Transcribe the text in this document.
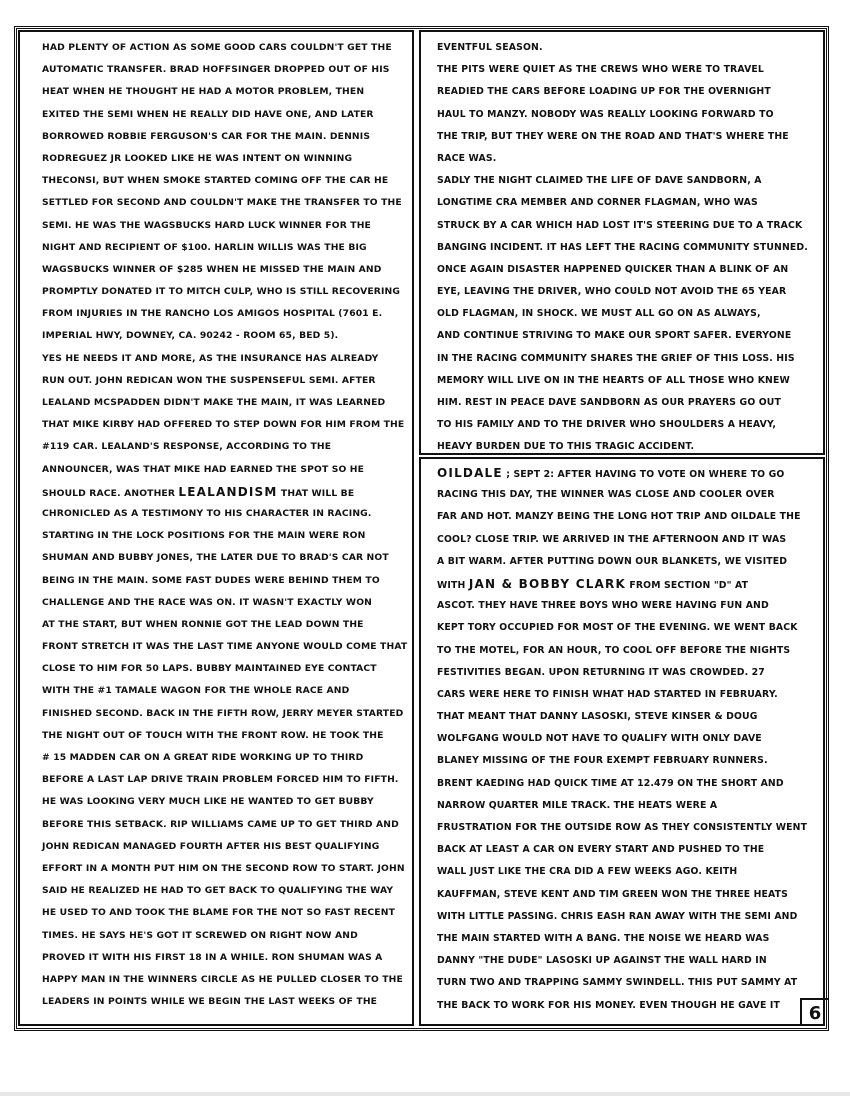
HAD PLENTY OF ACTION AS SOME GOOD CARS COULDN'T GET THE
AUTOMATIC TRANSFER. BRAD HOFFSINGER DROPPED OUT OF HIS
HEAT WHEN HE THOUGHT HE HAD A MOTOR PROBLEM, THEN
EXITED THE SEMI WHEN HE REALLY DID HAVE ONE, AND LATER
BORROWED ROBBIE FERGUSON'S CAR FOR THE MAIN. DENNIS
RODREGUEZ JR LOOKED LIKE HE WAS INTENT ON WINNING
THECONSI, BUT WHEN SMOKE STARTED COMING OFF THE CAR HE
SETTLED FOR SECOND AND COULDN'T MAKE THE TRANSFER TO THE
SEMI. HE WAS THE WAGSBUCKS HARD LUCK WINNER FOR THE
NIGHT AND RECIPIENT OF $100. HARLIN WILLIS WAS THE BIG
WAGSBUCKS WINNER OF $285 WHEN HE MISSED THE MAIN AND
PROMPTLY DONATED IT TO MITCH CULP, WHO IS STILL RECOVERING
FROM INJURIES IN THE RANCHO LOS AMIGOS HOSPITAL (7601 E.
IMPERIAL HWY, DOWNEY, CA. 90242 - ROOM 65, BED 5).
YES HE NEEDS IT AND MORE, AS THE INSURANCE HAS ALREADY
RUN OUT. JOHN REDICAN WON THE SUSPENSEFUL SEMI. AFTER
LEALAND MCSPADDEN DIDN'T MAKE THE MAIN, IT WAS LEARNED
THAT MIKE KIRBY HAD OFFERED TO STEP DOWN FOR HIM FROM THE
#119 CAR. LEALAND'S RESPONSE, ACCORDING TO THE
ANNOUNCER, WAS THAT MIKE HAD EARNED THE SPOT SO HE
SHOULD RACE. ANOTHER LEALANDISM THAT WILL BE
CHRONICLED AS A TESTIMONY TO HIS CHARACTER IN RACING.
STARTING IN THE LOCK POSITIONS FOR THE MAIN WERE RON
SHUMAN AND BUBBY JONES, THE LATER DUE TO BRAD'S CAR NOT
BEING IN THE MAIN. SOME FAST DUDES WERE BEHIND THEM TO
CHALLENGE AND THE RACE WAS ON. IT WASN'T EXACTLY WON
AT THE START, BUT WHEN RONNIE GOT THE LEAD DOWN THE
FRONT STRETCH IT WAS THE LAST TIME ANYONE WOULD COME THAT
CLOSE TO HIM FOR 50 LAPS. BUBBY MAINTAINED EYE CONTACT
WITH THE #1 TAMALE WAGON FOR THE WHOLE RACE AND
FINISHED SECOND. BACK IN THE FIFTH ROW, JERRY MEYER STARTED
THE NIGHT OUT OF TOUCH WITH THE FRONT ROW. HE TOOK THE
# 15 MADDEN CAR ON A GREAT RIDE WORKING UP TO THIRD
BEFORE A LAST LAP DRIVE TRAIN PROBLEM FORCED HIM TO FIFTH.
HE WAS LOOKING VERY MUCH LIKE HE WANTED TO GET BUBBY
BEFORE THIS SETBACK. RIP WILLIAMS CAME UP TO GET THIRD AND
JOHN REDICAN MANAGED FOURTH AFTER HIS BEST QUALIFYING
EFFORT IN A MONTH PUT HIM ON THE SECOND ROW TO START. JOHN
SAID HE REALIZED HE HAD TO GET BACK TO QUALIFYING THE WAY
HE USED TO AND TOOK THE BLAME FOR THE NOT SO FAST RECENT
TIMES. HE SAYS HE'S GOT IT SCREWED ON RIGHT NOW AND
PROVED IT WITH HIS FIRST 18 IN A WHILE. RON SHUMAN WAS A
HAPPY MAN IN THE WINNERS CIRCLE AS HE PULLED CLOSER TO THE
LEADERS IN POINTS WHILE WE BEGIN THE LAST WEEKS OF THE
EVENTFUL SEASON.
THE PITS WERE QUIET AS THE CREWS WHO WERE TO TRAVEL
READIED THE CARS BEFORE LOADING UP FOR THE OVERNIGHT
HAUL TO MANZY. NOBODY WAS REALLY LOOKING FORWARD TO
THE TRIP, BUT THEY WERE ON THE ROAD AND THAT'S WHERE THE
RACE WAS.
SADLY THE NIGHT CLAIMED THE LIFE OF DAVE SANDBORN, A
LONGTIME CRA MEMBER AND CORNER FLAGMAN, WHO WAS
STRUCK BY A CAR WHICH HAD LOST IT'S STEERING DUE TO A TRACK
BANGING INCIDENT. IT HAS LEFT THE RACING COMMUNITY STUNNED.
ONCE AGAIN DISASTER HAPPENED QUICKER THAN A BLINK OF AN
EYE, LEAVING THE DRIVER, WHO COULD NOT AVOID THE 65 YEAR
OLD FLAGMAN, IN SHOCK. WE MUST ALL GO ON AS ALWAYS,
AND CONTINUE STRIVING TO MAKE OUR SPORT SAFER. EVERYONE
IN THE RACING COMMUNITY SHARES THE GRIEF OF THIS LOSS. HIS
MEMORY WILL LIVE ON IN THE HEARTS OF ALL THOSE WHO KNEW
HIM. REST IN PEACE DAVE SANDBORN AS OUR PRAYERS GO OUT
TO HIS FAMILY AND TO THE DRIVER WHO SHOULDERS A HEAVY,
HEAVY BURDEN DUE TO THIS TRAGIC ACCIDENT.
OILDALE ; SEPT 2: AFTER HAVING TO VOTE ON WHERE TO GO
RACING THIS DAY, THE WINNER WAS CLOSE AND COOLER OVER
FAR AND HOT. MANZY BEING THE LONG HOT TRIP AND OILDALE THE
COOL? CLOSE TRIP. WE ARRIVED IN THE AFTERNOON AND IT WAS
A BIT WARM. AFTER PUTTING DOWN OUR BLANKETS, WE VISITED
WITH JAN & BOBBY CLARK FROM SECTION "D" AT
ASCOT. THEY HAVE THREE BOYS WHO WERE HAVING FUN AND
KEPT TORY OCCUPIED FOR MOST OF THE EVENING. WE WENT BACK
TO THE MOTEL, FOR AN HOUR, TO COOL OFF BEFORE THE NIGHTS
FESTIVITIES BEGAN. UPON RETURNING IT WAS CROWDED. 27
CARS WERE HERE TO FINISH WHAT HAD STARTED IN FEBRUARY.
THAT MEANT THAT DANNY LASOSKI, STEVE KINSER & DOUG
WOLFGANG WOULD NOT HAVE TO QUALIFY WITH ONLY DAVE
BLANEY MISSING OF THE FOUR EXEMPT FEBRUARY RUNNERS.
BRENT KAEDING HAD QUICK TIME AT 12.479 ON THE SHORT AND
NARROW QUARTER MILE TRACK. THE HEATS WERE A
FRUSTRATION FOR THE OUTSIDE ROW AS THEY CONSISTENTLY WENT
BACK AT LEAST A CAR ON EVERY START AND PUSHED TO THE
WALL JUST LIKE THE CRA DID A FEW WEEKS AGO. KEITH
KAUFFMAN, STEVE KENT AND TIM GREEN WON THE THREE HEATS
WITH LITTLE PASSING. CHRIS EASH RAN AWAY WITH THE SEMI AND
THE MAIN STARTED WITH A BANG. THE NOISE WE HEARD WAS
DANNY "THE DUDE" LASOSKI UP AGAINST THE WALL HARD IN
TURN TWO AND TRAPPING SAMMY SWINDELL. THIS PUT SAMMY AT
THE BACK TO WORK FOR HIS MONEY. EVEN THOUGH HE GAVE IT	6
